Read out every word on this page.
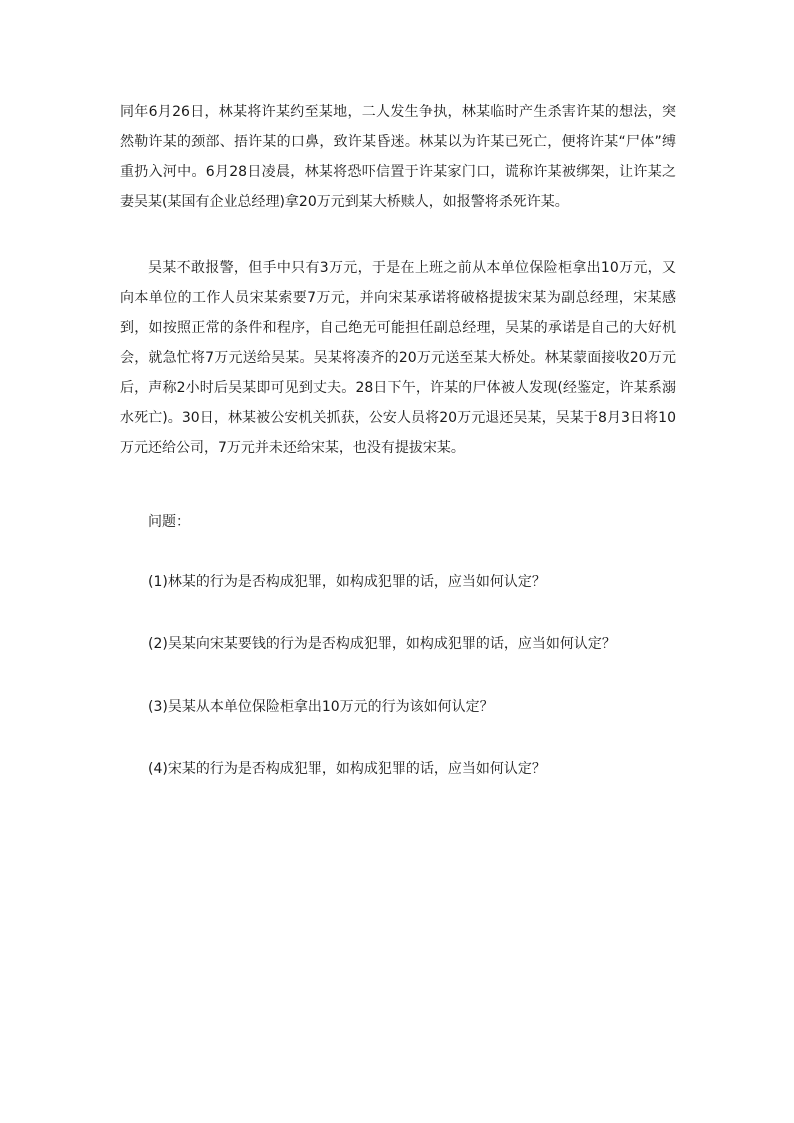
同年6月26日，林某将许某约至某地，二人发生争执，林某临时产生杀害许某的想法，突然勒许某的颈部、捂许某的口鼻，致许某昏迷。林某以为许某已死亡，便将许某“尸体”缚重扔入河中。6月28日凌晨，林某将恐吓信置于许某家门口，谎称许某被绑架，让许某之妻吴某(某国有企业总经理)拿20万元到某大桥赎人，如报警将杀死许某。

吴某不敢报警，但手中只有3万元，于是在上班之前从本单位保险柜拿出10万元，又向本单位的工作人员宋某索要7万元，并向宋某承诺将破格提拔宋某为副总经理，宋某感到，如按照正常的条件和程序，自己绝无可能担任副总经理，吴某的承诺是自己的大好机会，就急忙将7万元送给吴某。吴某将凑齐的20万元送至某大桥处。林某蒙面接收20万元后，声称2小时后吴某即可见到丈夫。28日下午，许某的尸体被人发现(经鉴定，许某系溺水死亡)。30日，林某被公安机关抓获，公安人员将20万元退还吴某，吴某于8月3日将10万元还给公司，7万元并未还给宋某，也没有提拔宋某。

问题：

(1)林某的行为是否构成犯罪，如构成犯罪的话，应当如何认定？

(2)吴某向宋某要钱的行为是否构成犯罪，如构成犯罪的话，应当如何认定？

(3)吴某从本单位保险柜拿出10万元的行为该如何认定？

(4)宋某的行为是否构成犯罪，如构成犯罪的话，应当如何认定？
